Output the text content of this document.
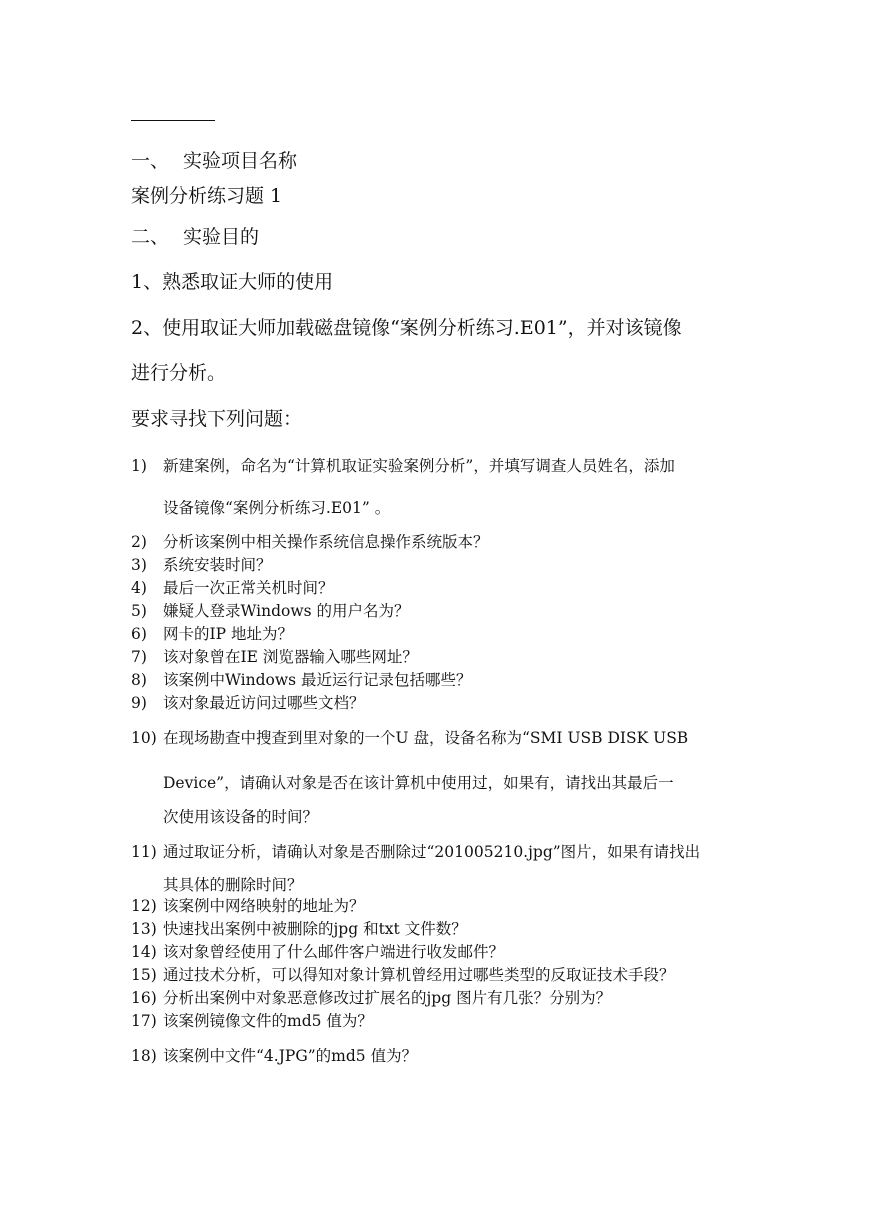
一、 实验项目名称
案例分析练习题 1
二、 实验目的
1、熟悉取证大师的使用
2、使用取证大师加载磁盘镜像“案例分析练习.E01”，并对该镜像
进行分析。
要求寻找下列问题：
1) 新建案例，命名为“计算机取证实验案例分析”，并填写调查人员姓名，添加
设备镜像“案例分析练习.E01” 。
2) 分析该案例中相关操作系统信息操作系统版本？
3) 系统安装时间？
4) 最后一次正常关机时间？
5) 嫌疑人登录Windows 的用户名为？
6) 网卡的IP 地址为？
7) 该对象曾在IE 浏览器输入哪些网址？
8) 该案例中Windows 最近运行记录包括哪些？
9) 该对象最近访问过哪些文档？
10) 在现场勘查中搜查到里对象的一个U 盘，设备名称为“SMI USB DISK USB
Device”，请确认对象是否在该计算机中使用过，如果有，请找出其最后一
次使用该设备的时间？
11) 通过取证分析，请确认对象是否删除过“201005210.jpg”图片，如果有请找出
其具体的删除时间？
12) 该案例中网络映射的地址为？
13) 快速找出案例中被删除的jpg 和txt 文件数？
14) 该对象曾经使用了什么邮件客户端进行收发邮件？
15) 通过技术分析，可以得知对象计算机曾经用过哪些类型的反取证技术手段？
16) 分析出案例中对象恶意修改过扩展名的jpg 图片有几张？分别为？
17) 该案例镜像文件的md5 值为？
18) 该案例中文件“4.JPG”的md5 值为？
